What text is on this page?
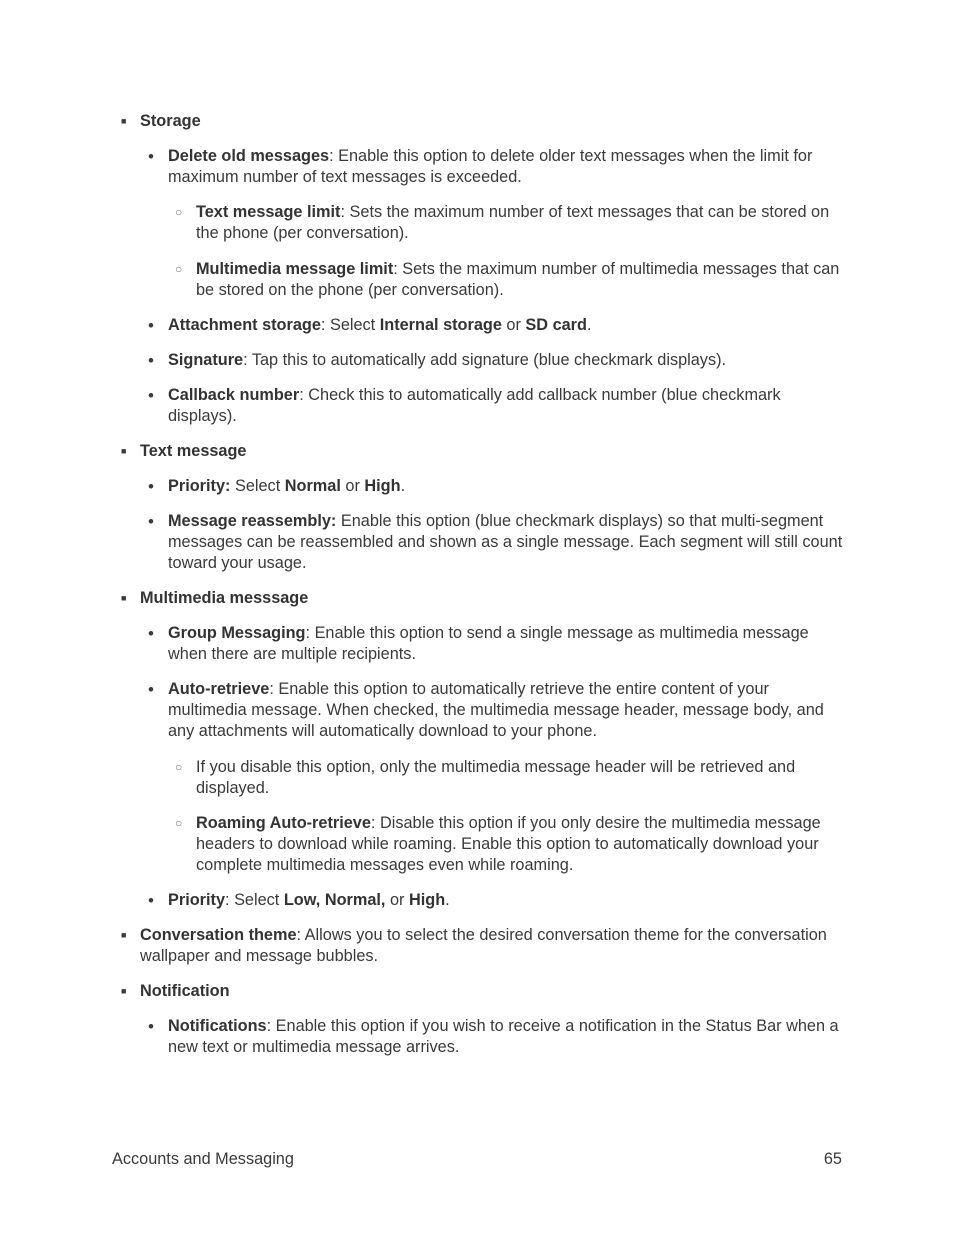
■ Storage
• Delete old messages: Enable this option to delete older text messages when the limit for maximum number of text messages is exceeded.
○ Text message limit: Sets the maximum number of text messages that can be stored on the phone (per conversation).
○ Multimedia message limit: Sets the maximum number of multimedia messages that can be stored on the phone (per conversation).
• Attachment storage: Select Internal storage or SD card.
• Signature: Tap this to automatically add signature (blue checkmark displays).
• Callback number: Check this to automatically add callback number (blue checkmark displays).
■ Text message
• Priority: Select Normal or High.
• Message reassembly: Enable this option (blue checkmark displays) so that multi-segment messages can be reassembled and shown as a single message. Each segment will still count toward your usage.
■ Multimedia messsage
• Group Messaging: Enable this option to send a single message as multimedia message when there are multiple recipients.
• Auto-retrieve: Enable this option to automatically retrieve the entire content of your multimedia message. When checked, the multimedia message header, message body, and any attachments will automatically download to your phone.
○ If you disable this option, only the multimedia message header will be retrieved and displayed.
○ Roaming Auto-retrieve: Disable this option if you only desire the multimedia message headers to download while roaming. Enable this option to automatically download your complete multimedia messages even while roaming.
• Priority: Select Low, Normal, or High.
■ Conversation theme: Allows you to select the desired conversation theme for the conversation wallpaper and message bubbles.
■ Notification
• Notifications: Enable this option if you wish to receive a notification in the Status Bar when a new text or multimedia message arrives.
Accounts and Messaging	65
